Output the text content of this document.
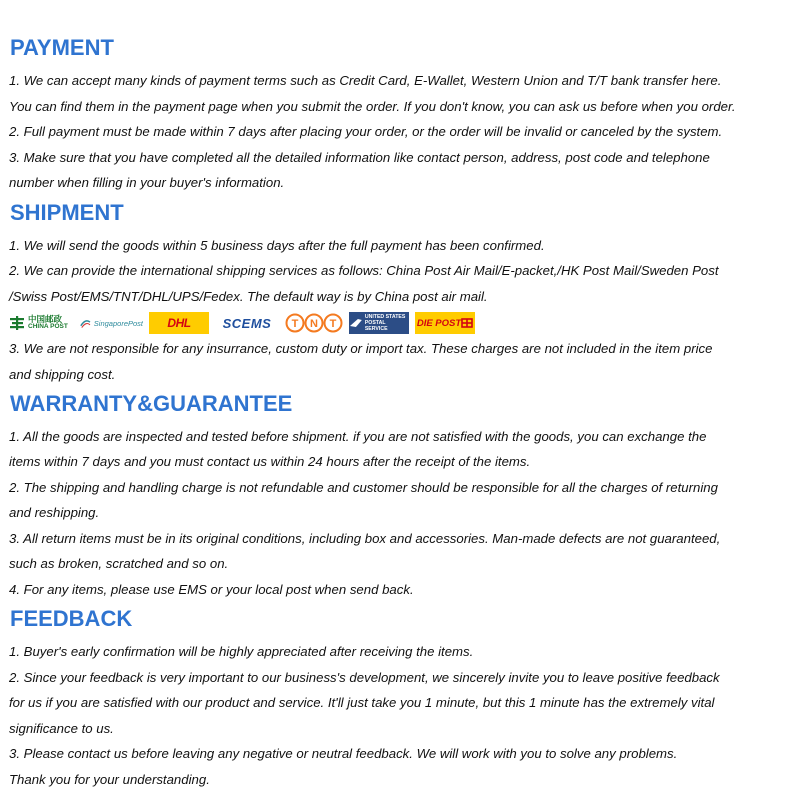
PAYMENT

1. We can accept many kinds of payment terms such as Credit Card, E-Wallet, Western Union and T/T bank transfer here.

You can find them in the payment page when you submit the order. If you don't know, you can ask us before when you order.

2. Full payment must be made within 7 days after placing your order, or the order will be invalid or canceled by the system.

3. Make sure that you have completed all the detailed information like contact person, address, post code and telephone

number when filling in your buyer's information.

SHIPMENT

1. We will send the goods within 5 business days after the full payment has been confirmed.

2. We can provide the international shipping services as follows: China Post Air Mail/E-packet,/HK Post Mail/Sweden Post

/Swiss Post/EMS/TNT/DHL/UPS/Fedex. The default way is by China post air mail.

中国邮政
CHINA POST	SingaporePost DHL SCEMS T N T
UNITED STATES
POSTAL SERVICE
DIE POST

3. We are not responsible for any insurrance, custom duty or import tax. These charges are not included in the item price

and shipping cost.

WARRANTY&GUARANTEE

1. All the goods are inspected and tested before shipment. if you are not satisfied with the goods, you can exchange the

items within 7 days and you must contact us within 24 hours after the receipt of the items.

2. The shipping and handling charge is not refundable and customer should be responsible for all the charges of returning

and reshipping.

3. All return items must be in its original conditions, including box and accessories. Man-made defects are not guaranteed,

such as broken, scratched and so on.

4. For any items, please use EMS or your local post when send back.

FEEDBACK

1. Buyer's early confirmation will be highly appreciated after receiving the items.

2. Since your feedback is very important to our business's development, we sincerely invite you to leave positive feedback

for us if you are satisfied with our product and service. It'll just take you 1 minute, but this 1 minute has the extremely vital

significance to us.

3. Please contact us before leaving any negative or neutral feedback. We will work with you to solve any problems.

Thank you for your understanding.
